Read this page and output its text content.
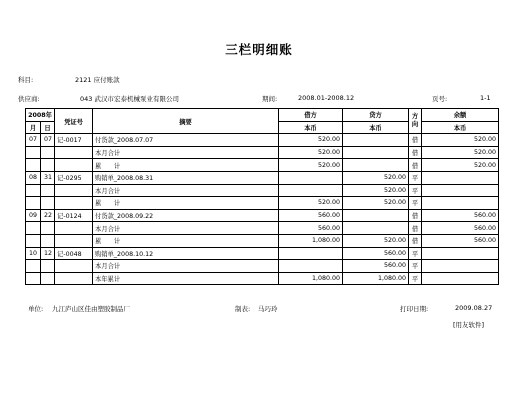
三栏明细账
科目:	2121 应付账款
供应商:	043 武汉市宏泰机械泵业有限公司	期间:	2008.01-2008.12	页号:	1-1
2008年		凭证号	摘要	借方	贷方	方向	余额
月	日			本币	本币		本币
07	07	记-0017	付货款_2008.07.07	520.00		借	520.00
			本月合计	520.00		借	520.00
			累　　计	520.00		借	520.00
08	31	记-0295	购销单_2008.08.31		520.00	平	
			本月合计		520.00	平	
			累　　计	520.00	520.00	平	
09	22	记-0124	付货款_2008.09.22	560.00		借	560.00
			本月合计	560.00		借	560.00
			累　　计	1,080.00	520.00	借	560.00
10	12	记-0048	购销单_2008.10.12		560.00	平	
			本月合计		560.00	平	
			本年累计	1,080.00	1,080.00	平	
单位: 九江庐山区佳由塑胶制品厂	制表: 马巧玲	打印日期:	2009.08.27
[用友软件]
